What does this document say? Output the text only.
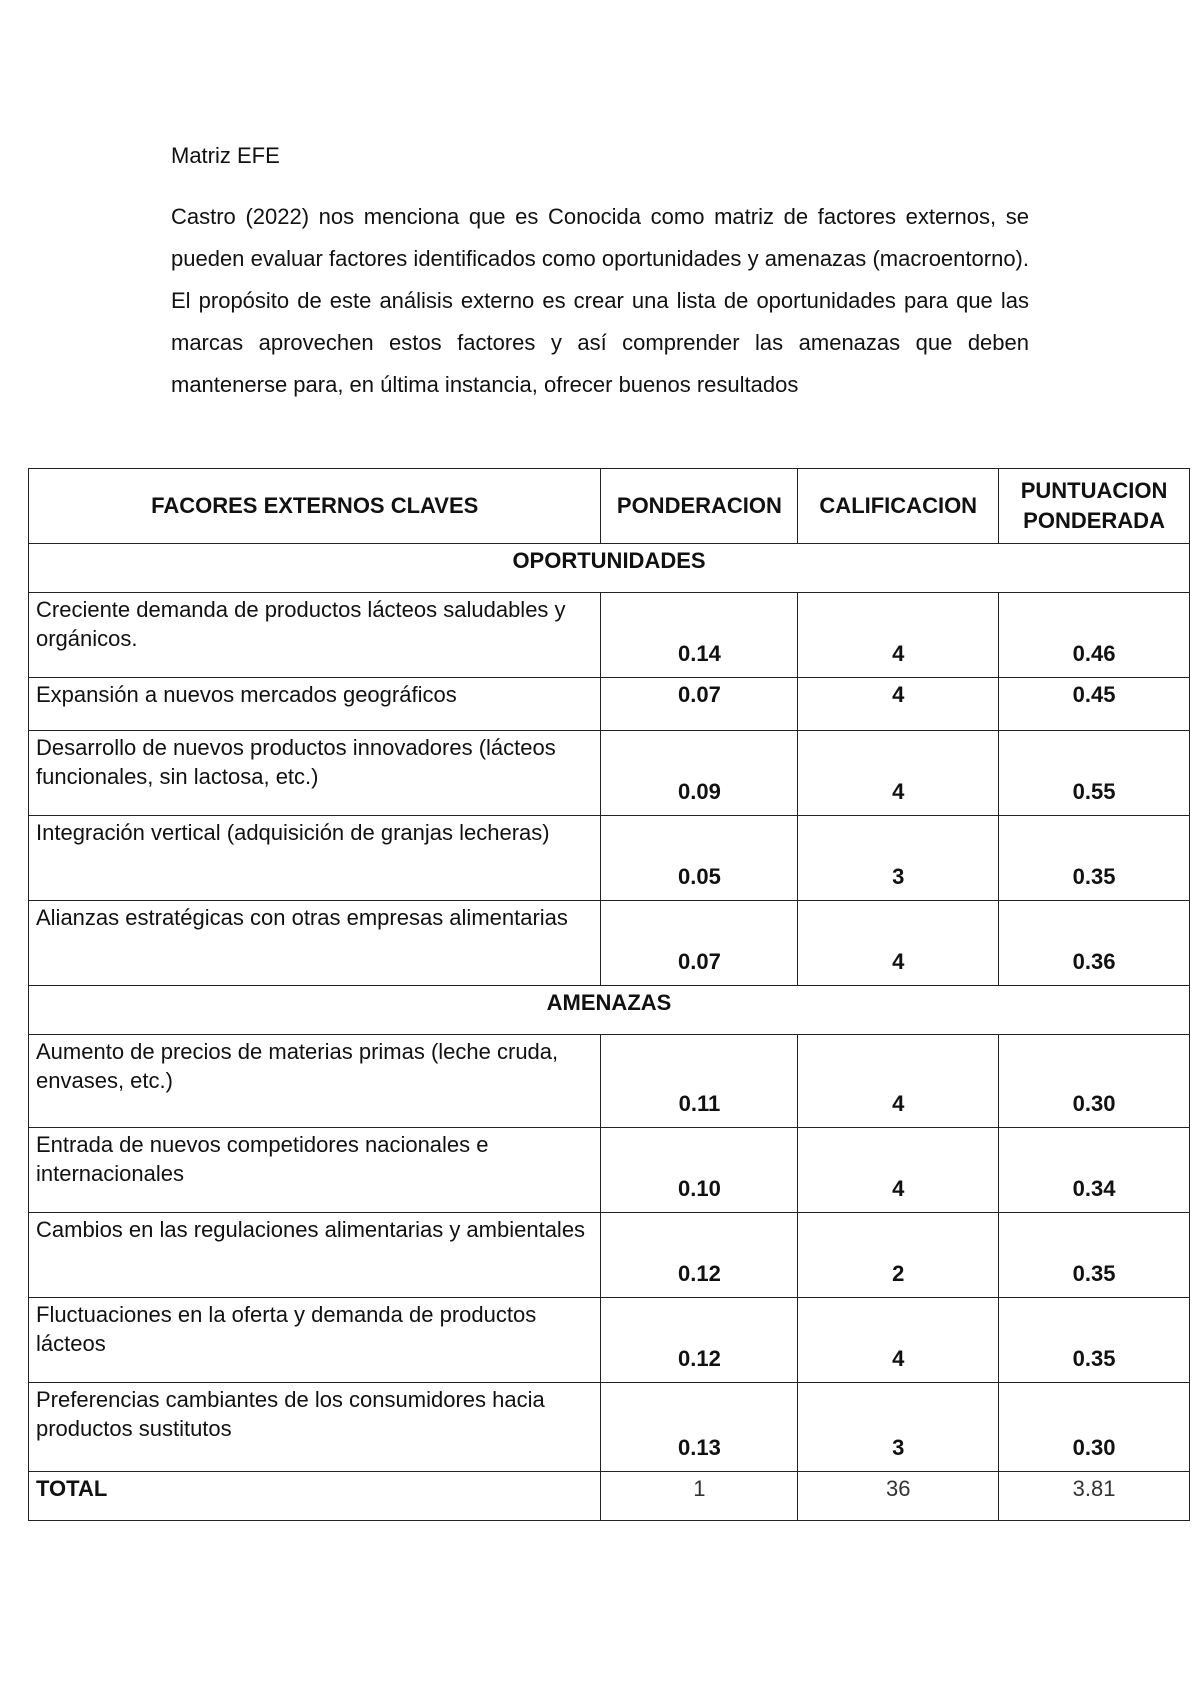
Matriz EFE

Castro (2022) nos menciona que es Conocida como matriz de factores externos, se pueden evaluar factores identificados como oportunidades y amenazas (macroentorno). El propósito de este análisis externo es crear una lista de oportunidades para que las marcas aprovechen estos factores y así comprender las amenazas que deben mantenerse para, en última instancia, ofrecer buenos resultados

FACORES EXTERNOS CLAVES	PONDERACION	CALIFICACION	PUNTUACION PONDERADA
OPORTUNIDADES			
Creciente demanda de productos lácteos saludables y orgánicos.	0.14	4	0.46
Expansión a nuevos mercados geográficos	0.07	4	0.45
Desarrollo de nuevos productos innovadores (lácteos funcionales, sin lactosa, etc.)	0.09	4	0.55
Integración vertical (adquisición de granjas lecheras)	0.05	3	0.35
Alianzas estratégicas con otras empresas alimentarias	0.07	4	0.36
AMENAZAS			
Aumento de precios de materias primas (leche cruda, envases, etc.)	0.11	4	0.30
Entrada de nuevos competidores nacionales e internacionales	0.10	4	0.34
Cambios en las regulaciones alimentarias y ambientales	0.12	2	0.35
Fluctuaciones en la oferta y demanda de productos lácteos	0.12	4	0.35
Preferencias cambiantes de los consumidores hacia productos sustitutos	0.13	3	0.30
TOTAL	1	36	3.81
